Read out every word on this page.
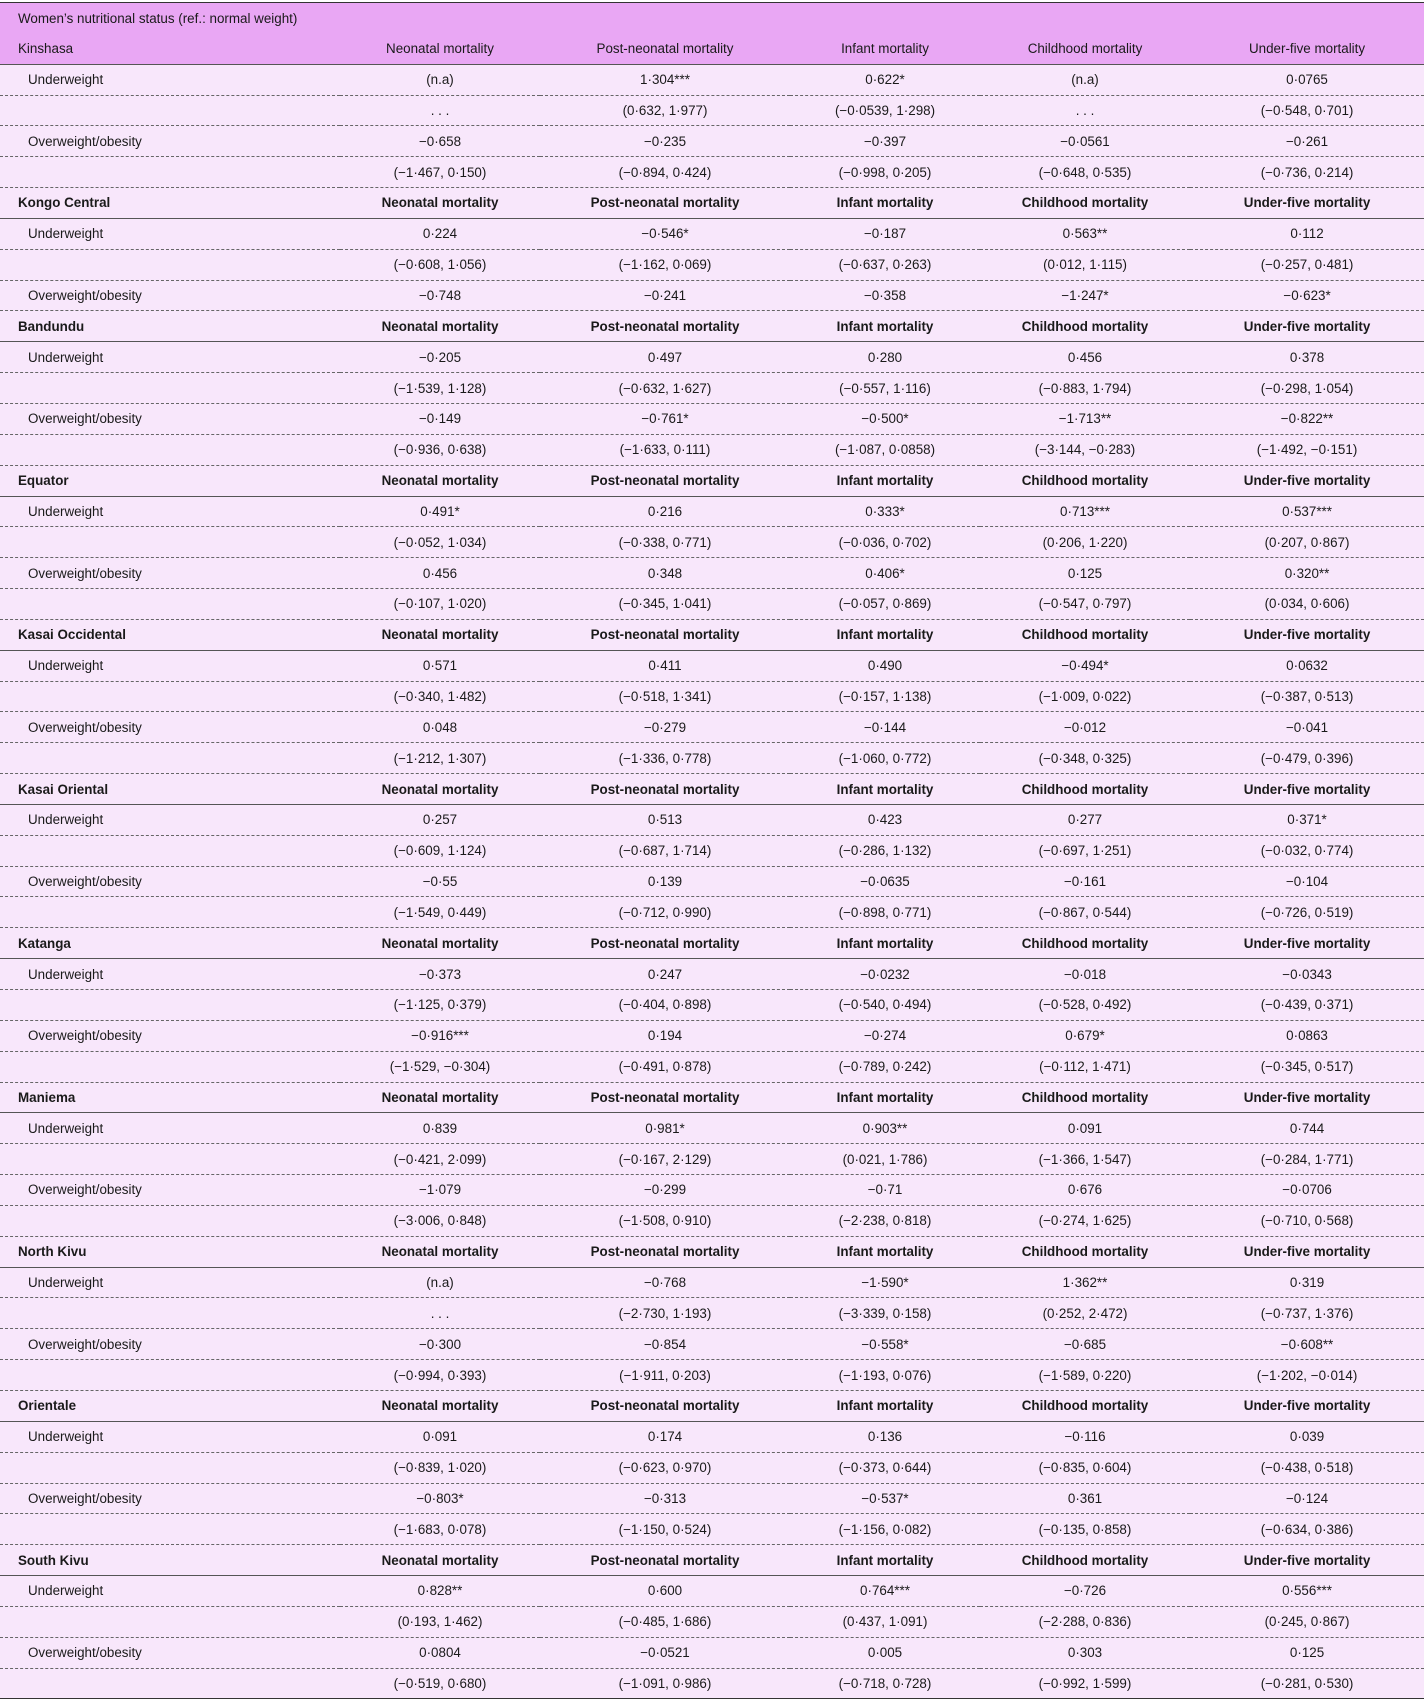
Women’s nutritional status (ref.: normal weight)					
Kinshasa	Neonatal mortality	Post-neonatal mortality	Infant mortality	Childhood mortality	Under-five mortality
Underweight	(n.a)	1·304***	0·622*	(n.a)	0·0765
	. . .	(0·632, 1·977)	(−0·0539, 1·298)	. . .	(−0·548, 0·701)
Overweight/obesity	−0·658	−0·235	−0·397	−0·0561	−0·261
	(−1·467, 0·150)	(−0·894, 0·424)	(−0·998, 0·205)	(−0·648, 0·535)	(−0·736, 0·214)
Kongo Central	Neonatal mortality	Post-neonatal mortality	Infant mortality	Childhood mortality	Under-five mortality
Underweight	0·224	−0·546*	−0·187	0·563**	0·112
	(−0·608, 1·056)	(−1·162, 0·069)	(−0·637, 0·263)	(0·012, 1·115)	(−0·257, 0·481)
Overweight/obesity	−0·748	−0·241	−0·358	−1·247*	−0·623*
Bandundu	Neonatal mortality	Post-neonatal mortality	Infant mortality	Childhood mortality	Under-five mortality
Underweight	−0·205	0·497	0·280	0·456	0·378
	(−1·539, 1·128)	(−0·632, 1·627)	(−0·557, 1·116)	(−0·883, 1·794)	(−0·298, 1·054)
Overweight/obesity	−0·149	−0·761*	−0·500*	−1·713**	−0·822**
	(−0·936, 0·638)	(−1·633, 0·111)	(−1·087, 0·0858)	(−3·144, −0·283)	(−1·492, −0·151)
Equator	Neonatal mortality	Post-neonatal mortality	Infant mortality	Childhood mortality	Under-five mortality
Underweight	0·491*	0·216	0·333*	0·713***	0·537***
	(−0·052, 1·034)	(−0·338, 0·771)	(−0·036, 0·702)	(0·206, 1·220)	(0·207, 0·867)
Overweight/obesity	0·456	0·348	0·406*	0·125	0·320**
	(−0·107, 1·020)	(−0·345, 1·041)	(−0·057, 0·869)	(−0·547, 0·797)	(0·034, 0·606)
Kasai Occidental	Neonatal mortality	Post-neonatal mortality	Infant mortality	Childhood mortality	Under-five mortality
Underweight	0·571	0·411	0·490	−0·494*	0·0632
	(−0·340, 1·482)	(−0·518, 1·341)	(−0·157, 1·138)	(−1·009, 0·022)	(−0·387, 0·513)
Overweight/obesity	0·048	−0·279	−0·144	−0·012	−0·041
	(−1·212, 1·307)	(−1·336, 0·778)	(−1·060, 0·772)	(−0·348, 0·325)	(−0·479, 0·396)
Kasai Oriental	Neonatal mortality	Post-neonatal mortality	Infant mortality	Childhood mortality	Under-five mortality
Underweight	0·257	0·513	0·423	0·277	0·371*
	(−0·609, 1·124)	(−0·687, 1·714)	(−0·286, 1·132)	(−0·697, 1·251)	(−0·032, 0·774)
Overweight/obesity	−0·55	0·139	−0·0635	−0·161	−0·104
	(−1·549, 0·449)	(−0·712, 0·990)	(−0·898, 0·771)	(−0·867, 0·544)	(−0·726, 0·519)
Katanga	Neonatal mortality	Post-neonatal mortality	Infant mortality	Childhood mortality	Under-five mortality
Underweight	−0·373	0·247	−0·0232	−0·018	−0·0343
	(−1·125, 0·379)	(−0·404, 0·898)	(−0·540, 0·494)	(−0·528, 0·492)	(−0·439, 0·371)
Overweight/obesity	−0·916***	0·194	−0·274	0·679*	0·0863
	(−1·529, −0·304)	(−0·491, 0·878)	(−0·789, 0·242)	(−0·112, 1·471)	(−0·345, 0·517)
Maniema	Neonatal mortality	Post-neonatal mortality	Infant mortality	Childhood mortality	Under-five mortality
Underweight	0·839	0·981*	0·903**	0·091	0·744
	(−0·421, 2·099)	(−0·167, 2·129)	(0·021, 1·786)	(−1·366, 1·547)	(−0·284, 1·771)
Overweight/obesity	−1·079	−0·299	−0·71	0·676	−0·0706
	(−3·006, 0·848)	(−1·508, 0·910)	(−2·238, 0·818)	(−0·274, 1·625)	(−0·710, 0·568)
North Kivu	Neonatal mortality	Post-neonatal mortality	Infant mortality	Childhood mortality	Under-five mortality
Underweight	(n.a)	−0·768	−1·590*	1·362**	0·319
	. . .	(−2·730, 1·193)	(−3·339, 0·158)	(0·252, 2·472)	(−0·737, 1·376)
Overweight/obesity	−0·300	−0·854	−0·558*	−0·685	−0·608**
	(−0·994, 0·393)	(−1·911, 0·203)	(−1·193, 0·076)	(−1·589, 0·220)	(−1·202, −0·014)
Orientale	Neonatal mortality	Post-neonatal mortality	Infant mortality	Childhood mortality	Under-five mortality
Underweight	0·091	0·174	0·136	−0·116	0·039
	(−0·839, 1·020)	(−0·623, 0·970)	(−0·373, 0·644)	(−0·835, 0·604)	(−0·438, 0·518)
Overweight/obesity	−0·803*	−0·313	−0·537*	0·361	−0·124
	(−1·683, 0·078)	(−1·150, 0·524)	(−1·156, 0·082)	(−0·135, 0·858)	(−0·634, 0·386)
South Kivu	Neonatal mortality	Post-neonatal mortality	Infant mortality	Childhood mortality	Under-five mortality
Underweight	0·828**	0·600	0·764***	−0·726	0·556***
	(0·193, 1·462)	(−0·485, 1·686)	(0·437, 1·091)	(−2·288, 0·836)	(0·245, 0·867)
Overweight/obesity	0·0804	−0·0521	0·005	0·303	0·125
	(−0·519, 0·680)	(−1·091, 0·986)	(−0·718, 0·728)	(−0·992, 1·599)	(−0·281, 0·530)
